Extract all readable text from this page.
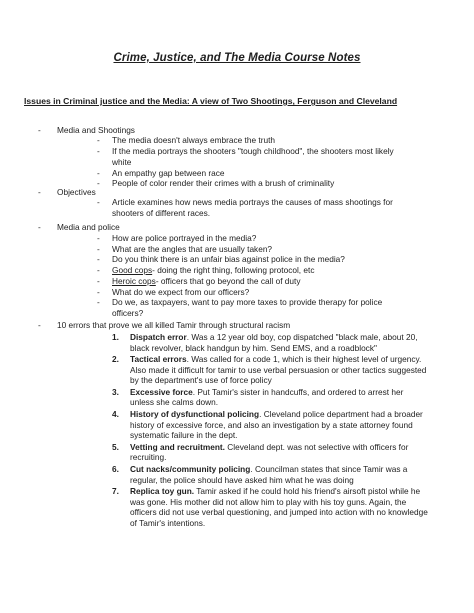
Crime, Justice, and The Media Course Notes
Issues in Criminal justice and the Media: A view of Two Shootings, Ferguson and Cleveland
- Media and Shootings
- The media doesn't always embrace the truth
- If the media portrays the shooters "tough childhood", the shooters most likely
white
- An empathy gap between race
- People of color render their crimes with a brush of criminality
- Objectives
- Article examines how news media portrays the causes of mass shootings for
shooters of different races.
- Media and police
- How are police portrayed in the media?
- What are the angles that are usually taken?
- Do you think there is an unfair bias against police in the media?
- Good cops- doing the right thing, following protocol, etc
- Heroic cops- officers that go beyond the call of duty
- What do we expect from our officers?
- Do we, as taxpayers, want to pay more taxes to provide therapy for police
officers?
- 10 errors that prove we all killed Tamir through structural racism
1. Dispatch error. Was a 12 year old boy, cop dispatched "black male, about 20,
black revolver, black handgun by him. Send EMS, and a roadblock"
2. Tactical errors. Was called for a code 1, which is their highest level of urgency.
Also made it difficult for tamir to use verbal persuasion or other tactics suggested
by the department's use of force policy
3. Excessive force. Put Tamir's sister in handcuffs, and ordered to arrest her
unless she calms down.
4. History of dysfunctional policing. Cleveland police department had a broader
history of excessive force, and also an investigation by a state attorney found
systematic failure in the dept.
5. Vetting and recruitment. Cleveland dept. was not selective with officers for
recruiting.
6. Cut nacks/community policing. Councilman states that since Tamir was a
regular, the police should have asked him what he was doing
7. Replica toy gun. Tamir asked if he could hold his friend's airsoft pistol while he
was gone. His mother did not allow him to play with his toy guns. Again, the
officers did not use verbal questioning, and jumped into action with no knowledge
of Tamir's intentions.
